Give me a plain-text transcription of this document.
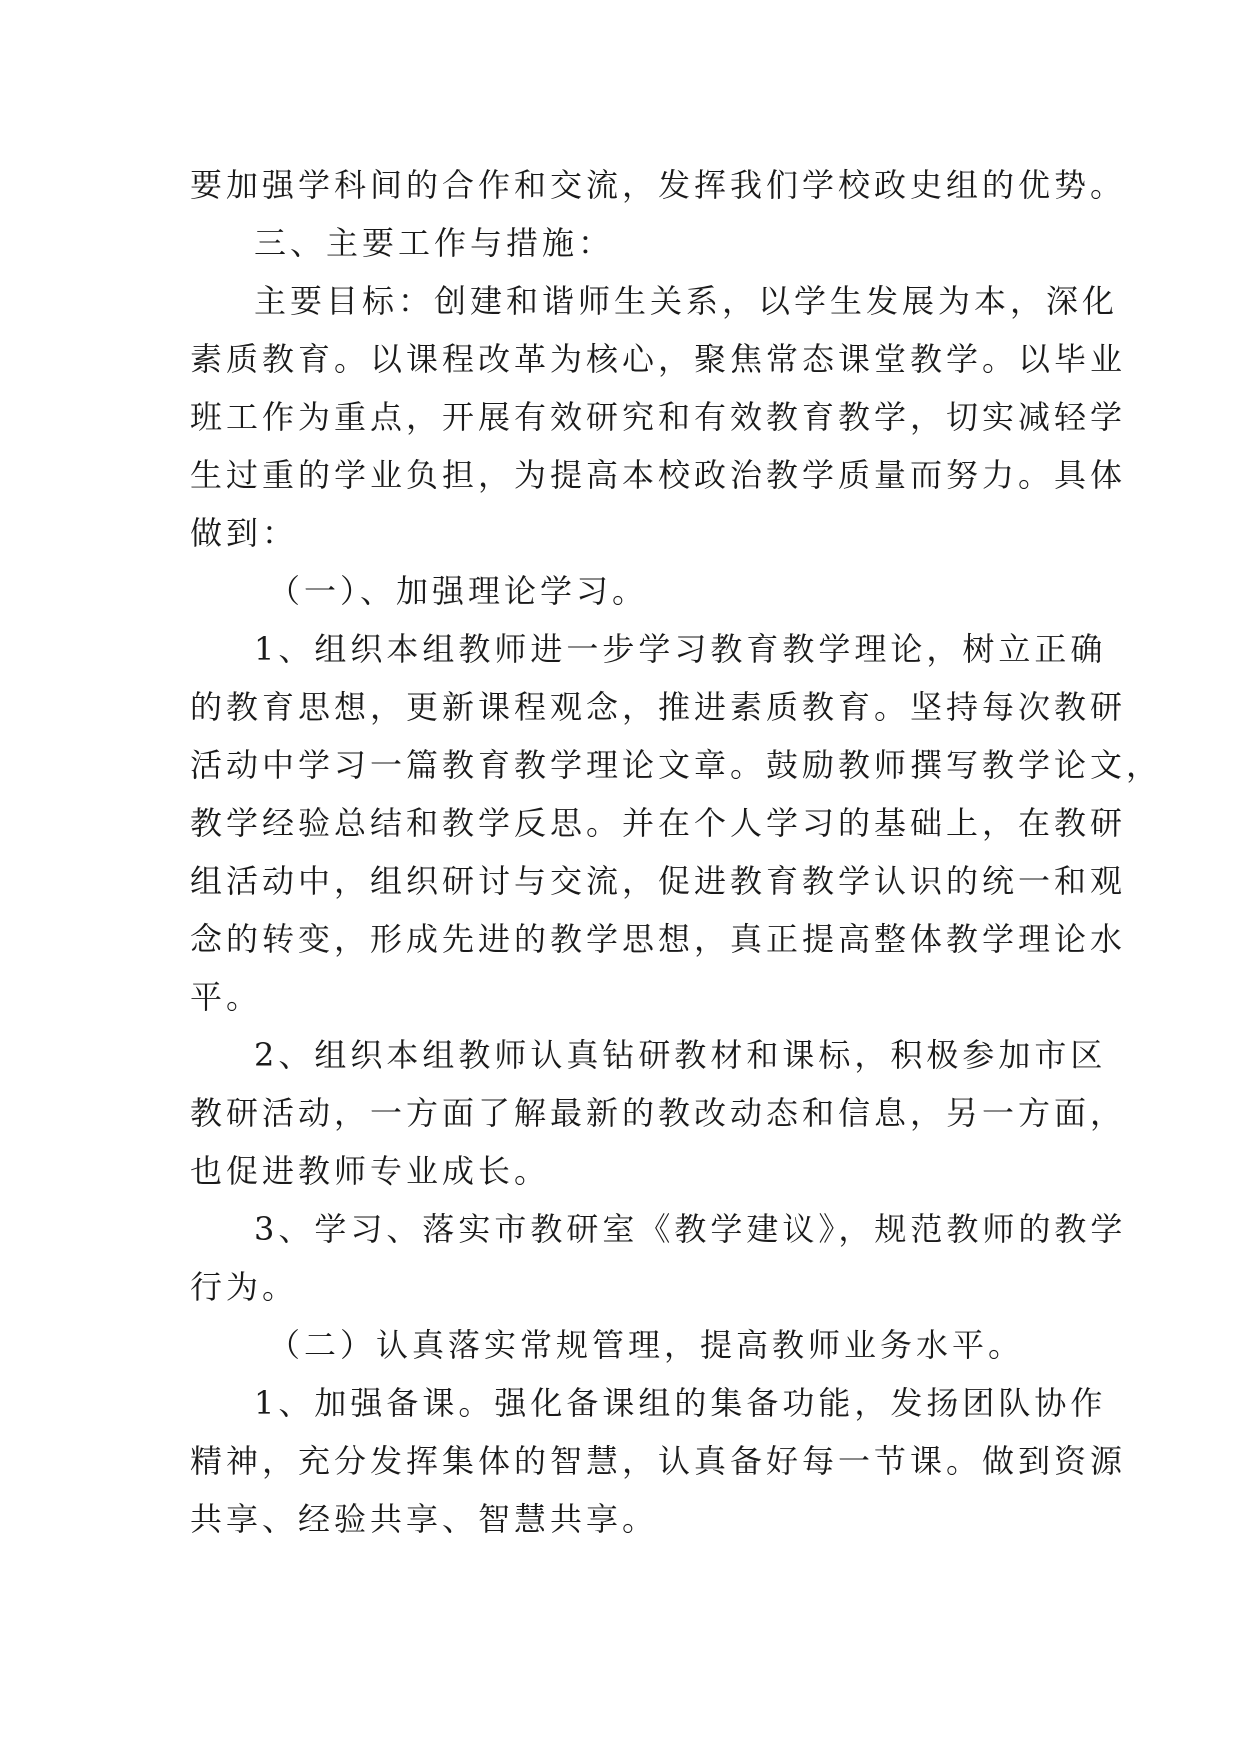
要加强学科间的合作和交流，发挥我们学校政史组的优势。
三、主要工作与措施：
主要目标：创建和谐师生关系，以学生发展为本，深化
素质教育。以课程改革为核心，聚焦常态课堂教学。以毕业
班工作为重点，开展有效研究和有效教育教学，切实减轻学
生过重的学业负担，为提高本校政治教学质量而努力。具体
做到：
（一）、加强理论学习。
1、组织本组教师进一步学习教育教学理论，树立正确
的教育思想，更新课程观念，推进素质教育。坚持每次教研
活动中学习一篇教育教学理论文章。鼓励教师撰写教学论文，
教学经验总结和教学反思。并在个人学习的基础上，在教研
组活动中，组织研讨与交流，促进教育教学认识的统一和观
念的转变，形成先进的教学思想，真正提高整体教学理论水
平。
2、组织本组教师认真钻研教材和课标，积极参加市区
教研活动，一方面了解最新的教改动态和信息，另一方面，
也促进教师专业成长。
3、学习、落实市教研室《教学建议》，规范教师的教学
行为。
（二）认真落实常规管理，提高教师业务水平。
1、加强备课。强化备课组的集备功能，发扬团队协作
精神，充分发挥集体的智慧，认真备好每一节课。做到资源
共享、经验共享、智慧共享。
